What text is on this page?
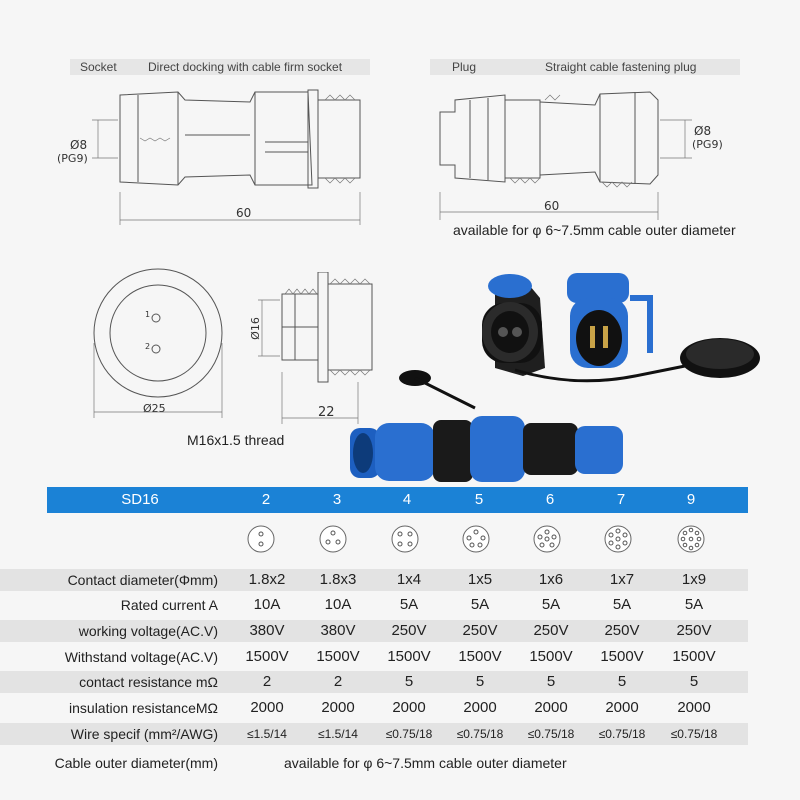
Socket	Direct docking with cable firm socket	Plug	Straight cable fastening plug
Ø8
(PG9)
60
Ø8
(PG9)
60
available for φ 6~7.5mm cable outer diameter
1
2
Ø25
Ø16
22
M16x1.5 thread
SD16	2	3	4	5	6	7	9
Contact diameter(Φmm)	1.8x2	1.8x3	1x4	1x5	1x6	1x7	1x9
Rated current A	10A	10A	5A	5A	5A	5A	5A
working voltage(AC.V)	380V	380V	250V	250V	250V	250V	250V
Withstand voltage(AC.V)	1500V	1500V	1500V	1500V	1500V	1500V	1500V
contact resistance mΩ	2	2	5	5	5	5	5
insulation resistanceMΩ	2000	2000	2000	2000	2000	2000	2000
Wire specif (mm²/AWG)	≤1.5/14	≤1.5/14	≤0.75/18	≤0.75/18	≤0.75/18	≤0.75/18	≤0.75/18
Cable outer diameter(mm)	available for φ 6~7.5mm cable outer diameter
